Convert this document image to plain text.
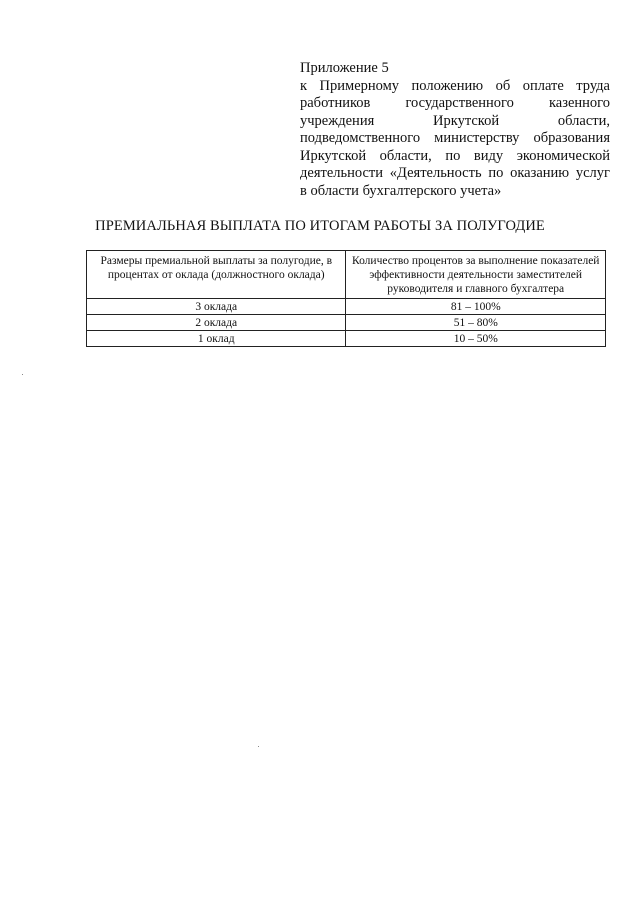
Приложение 5
к Примерному положению об оплате труда
работников государственного казенного
учреждения Иркутской области,
подведомственного министерству образования
Иркутской области, по виду экономической
деятельности «Деятельность по оказанию услуг
в области бухгалтерского учета»
ПРЕМИАЛЬНАЯ ВЫПЛАТА ПО ИТОГАМ РАБОТЫ ЗА ПОЛУГОДИЕ
Размеры премиальной выплаты за полугодие, в процентах от оклада (должностного оклада)	Количество процентов за выполнение показателей эффективности деятельности заместителей руководителя и главного бухгалтера
3 оклада	81 – 100%
2 оклада	51 – 80%
1 оклад	10 – 50%
